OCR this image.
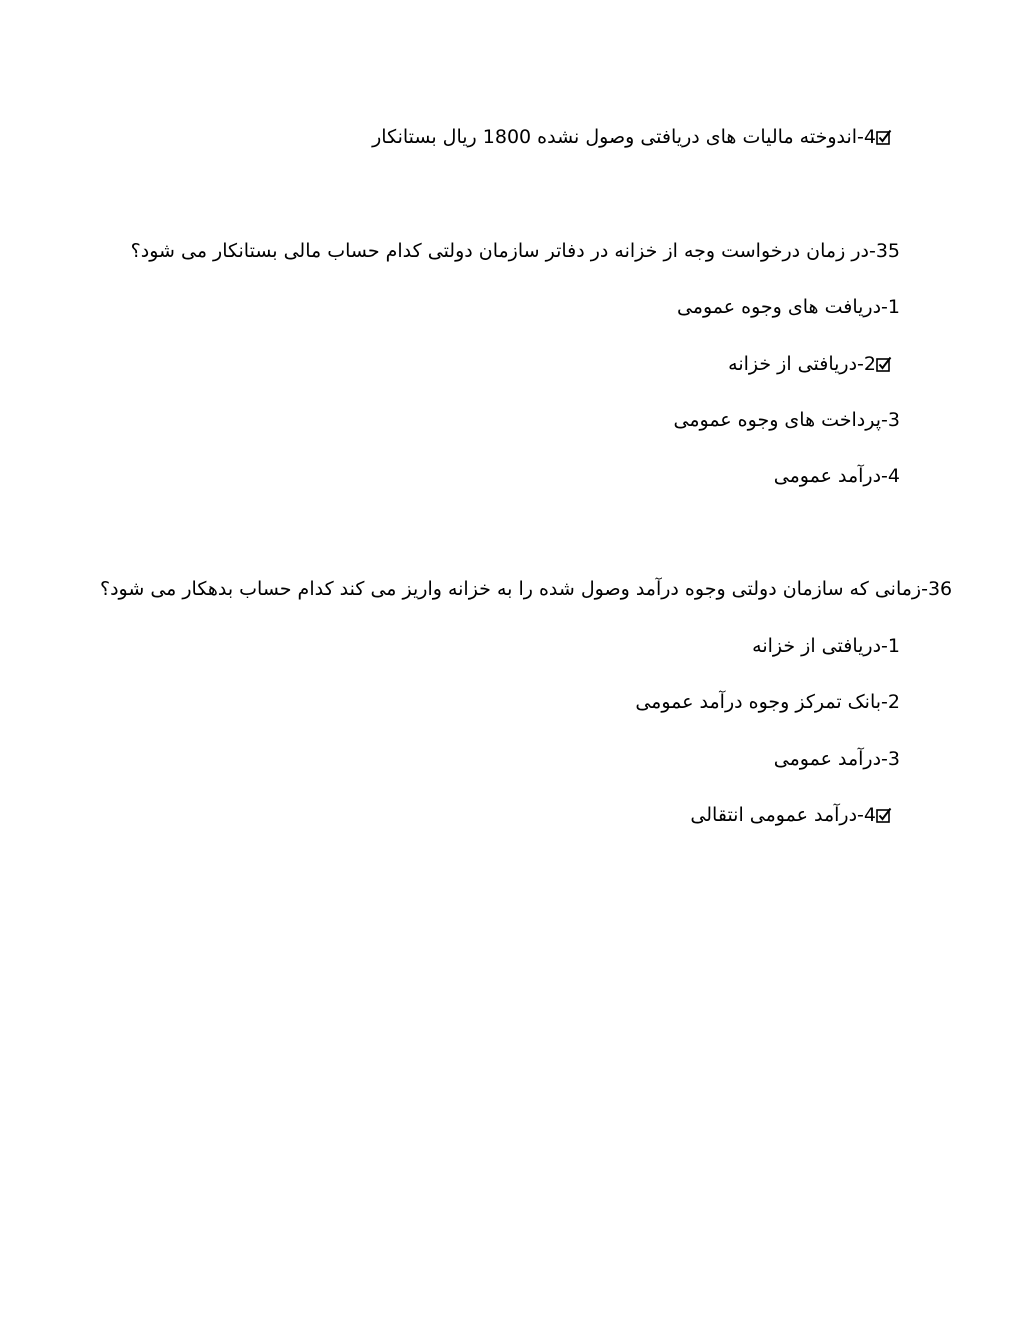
4-اندوخته مالیات های دریافتی وصول نشده 1800 ریال بستانکار
35-در زمان درخواست وجه از خزانه در دفاتر سازمان دولتی کدام حساب مالی بستانکار می شود؟
1-دریافت های وجوه عمومی
2-دریافتی از خزانه
3-پرداخت های وجوه عمومی
4-درآمد عمومی
36-زمانی که سازمان دولتی وجوه درآمد وصول شده را به خزانه واریز می کند کدام حساب بدهکار می شود؟
1-دریافتی از خزانه
2-بانک تمرکز وجوه درآمد عمومی
3-درآمد عمومی
4-درآمد عمومی انتقالی
